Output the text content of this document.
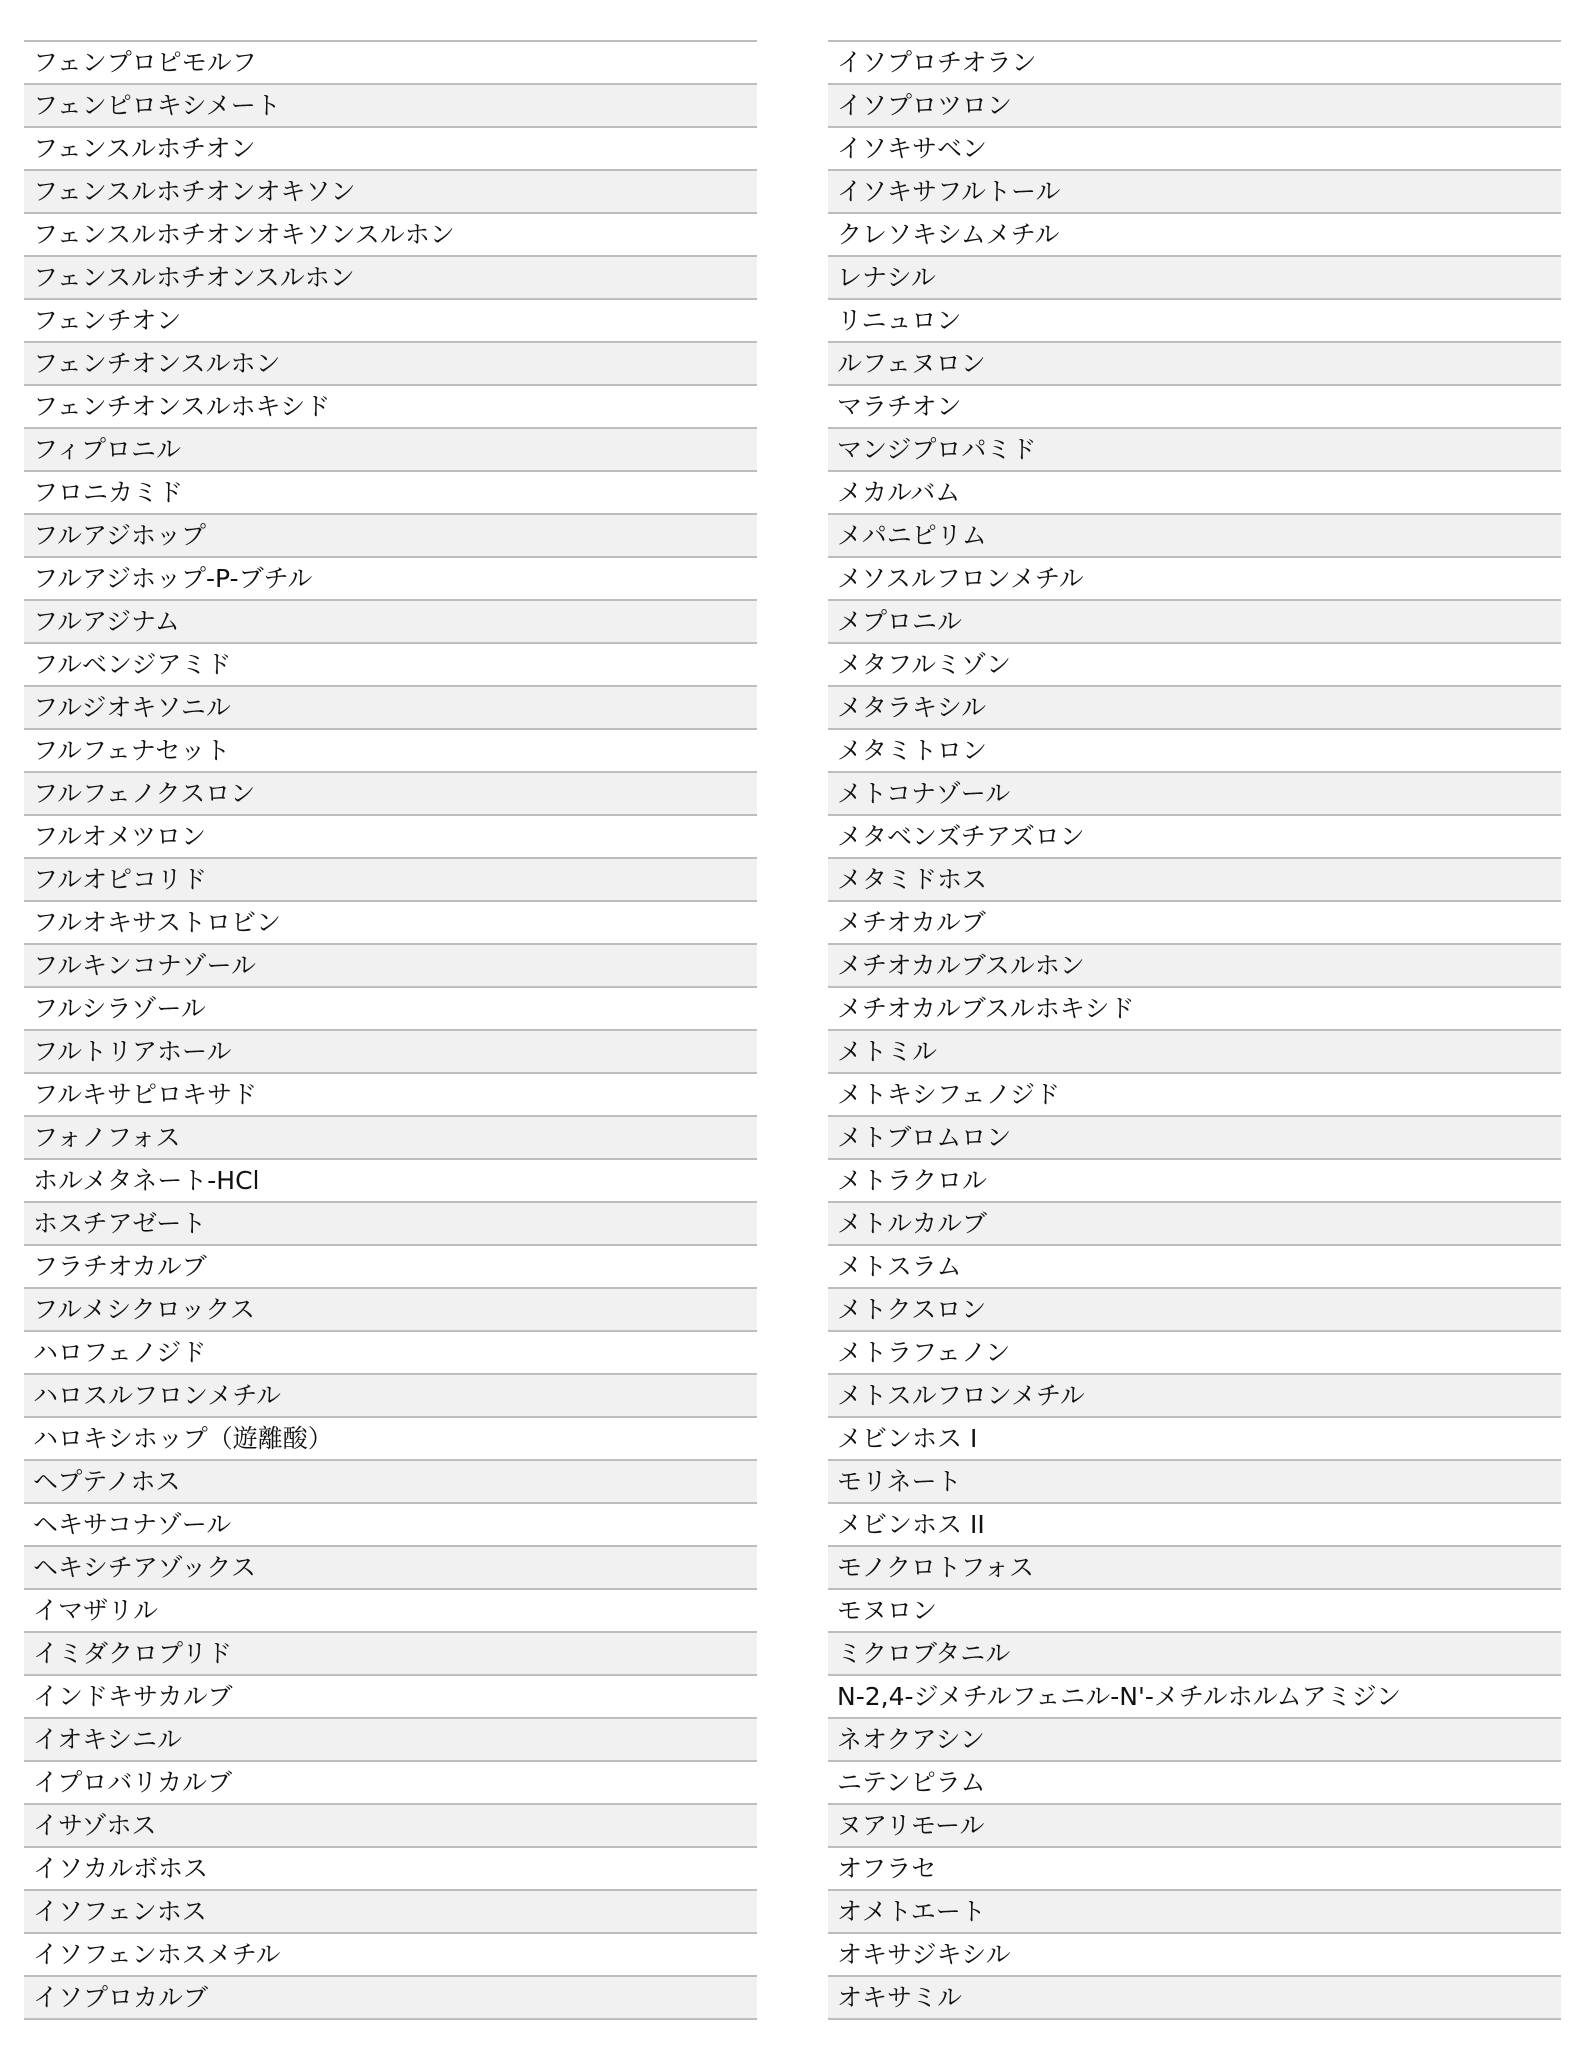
フェンプロピモルフ
フェンピロキシメート
フェンスルホチオン
フェンスルホチオンオキソン
フェンスルホチオンオキソンスルホン
フェンスルホチオンスルホン
フェンチオン
フェンチオンスルホン
フェンチオンスルホキシド
フィプロニル
フロニカミド
フルアジホップ
フルアジホップ-P-ブチル
フルアジナム
フルベンジアミド
フルジオキソニル
フルフェナセット
フルフェノクスロン
フルオメツロン
フルオピコリド
フルオキサストロビン
フルキンコナゾール
フルシラゾール
フルトリアホール
フルキサピロキサド
フォノフォス
ホルメタネート-HCl
ホスチアゼート
フラチオカルブ
フルメシクロックス
ハロフェノジド
ハロスルフロンメチル
ハロキシホップ（遊離酸）
ヘプテノホス
ヘキサコナゾール
ヘキシチアゾックス
イマザリル
イミダクロプリド
インドキサカルブ
イオキシニル
イプロバリカルブ
イサゾホス
イソカルボホス
イソフェンホス
イソフェンホスメチル
イソプロカルブ
イソプロチオラン
イソプロツロン
イソキサベン
イソキサフルトール
クレソキシムメチル
レナシル
リニュロン
ルフェヌロン
マラチオン
マンジプロパミド
メカルバム
メパニピリム
メソスルフロンメチル
メプロニル
メタフルミゾン
メタラキシル
メタミトロン
メトコナゾール
メタベンズチアズロン
メタミドホス
メチオカルブ
メチオカルブスルホン
メチオカルブスルホキシド
メトミル
メトキシフェノジド
メトブロムロン
メトラクロル
メトルカルブ
メトスラム
メトクスロン
メトラフェノン
メトスルフロンメチル
メビンホス I
モリネート
メビンホス II
モノクロトフォス
モヌロン
ミクロブタニル
N-2,4-ジメチルフェニル-N'-メチルホルムアミジン
ネオクアシン
ニテンピラム
ヌアリモール
オフラセ
オメトエート
オキサジキシル
オキサミル
